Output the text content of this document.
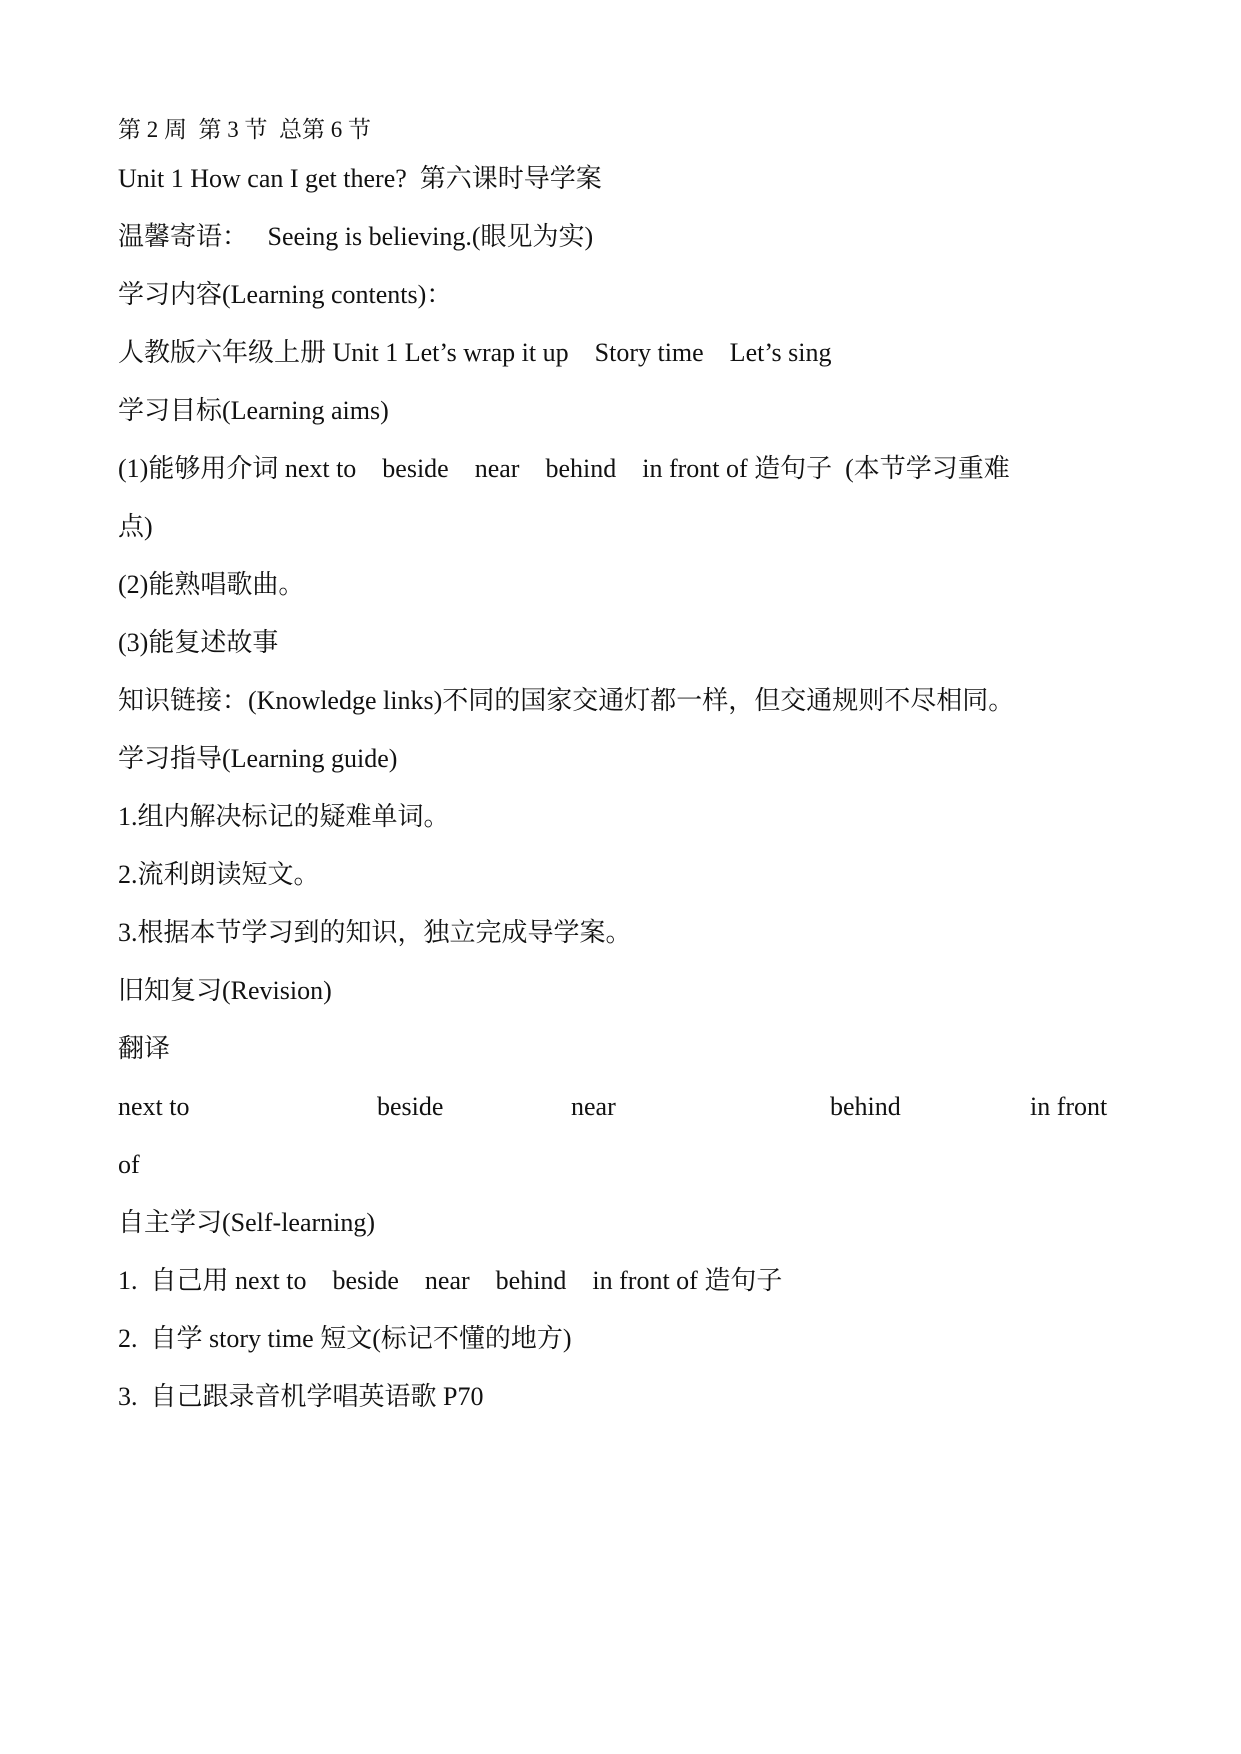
第 2 周  第 3 节  总第 6 节
Unit 1 How can I get there?  第六课时导学案
温馨寄语：   Seeing is believing.(眼见为实)
学习内容(Learning contents)：
人教版六年级上册 Unit 1 Let’s wrap it up    Story time    Let’s sing
学习目标(Learning aims)
(1)能够用介词 next to    beside    near    behind    in front of 造句子  (本节学习重难
点)
(2)能熟唱歌曲。
(3)能复述故事
知识链接：(Knowledge links)不同的国家交通灯都一样，但交通规则不尽相同。
学习指导(Learning guide)
1.组内解决标记的疑难单词。
2.流利朗读短文。
3.根据本节学习到的知识，独立完成导学案。
旧知复习(Revision)
翻译
next to	beside	near	behind	in front
of
自主学习(Self-learning)
1.  自己用 next to    beside    near    behind    in front of 造句子
2.  自学 story time 短文(标记不懂的地方)
3.  自己跟录音机学唱英语歌 P70
